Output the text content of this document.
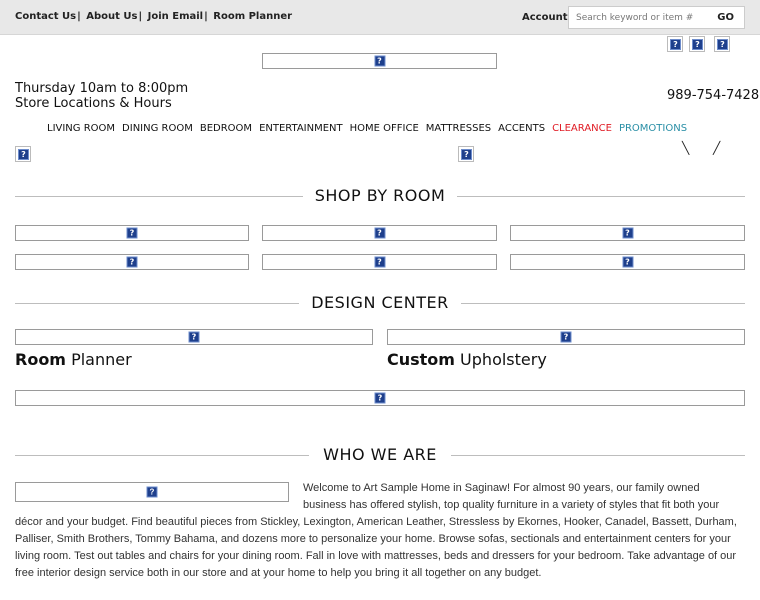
Contact Us| About Us| Join Email| Room Planner	Account
Search keyword or item #	GO
?	?	?
?
Thursday 10am to 8:00pm
Store Locations & Hours
989-754-7428
LIVING ROOM DINING ROOM BEDROOM ENTERTAINMENT HOME OFFICE MATTRESSES ACCENTS CLEARANCE PROMOTIONS
?	?	╲ ╱
SHOP BY ROOM
?	?	?
?	?	?
DESIGN CENTER
?	?
Room Planner	Custom Upholstery
?
WHO WE ARE
?	Welcome to Art Sample Home in Saginaw! For almost 90 years, our family owned business has offered stylish, top quality furniture in a variety of styles that fit both your décor and your budget. Find beautiful pieces from Stickley, Lexington, American Leather, Stressless by Ekornes, Hooker, Canadel, Bassett, Durham, Palliser, Smith Brothers, Tommy Bahama, and dozens more to personalize your home. Browse sofas, sectionals and entertainment centers for your living room. Test out tables and chairs for your dining room. Fall in love with mattresses, beds and dressers for your bedroom. Take advantage of our free interior design service both in our store and at your home to help you bring it all together on any budget.
